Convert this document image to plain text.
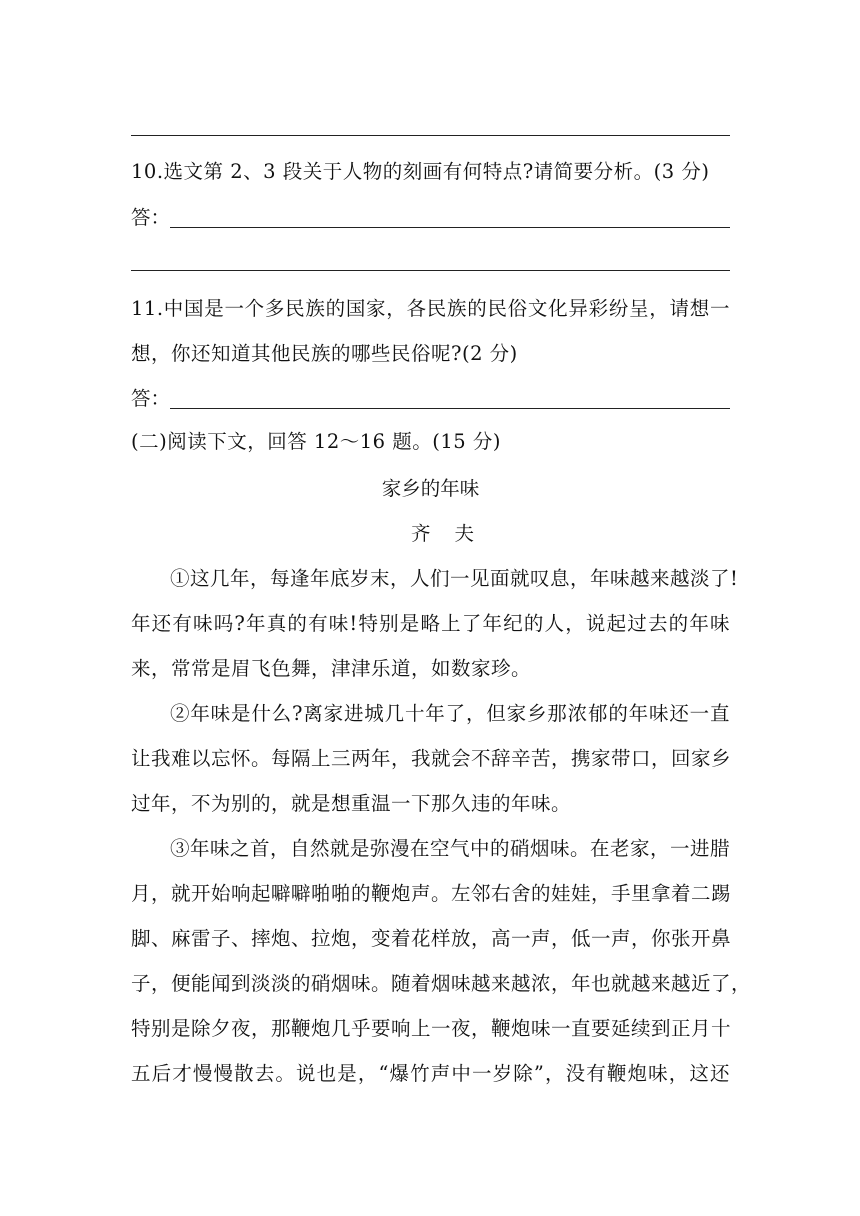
10.选文第 2、3 段关于人物的刻画有何特点?请简要分析。(3 分)
答：
11.中国是一个多民族的国家，各民族的民俗文化异彩纷呈，请想一
想，你还知道其他民族的哪些民俗呢?(2 分)
答：
(二)阅读下文，回答 12～16 题。(15 分)
家乡的年味
齐夫
①这几年，每逢年底岁末，人们一见面就叹息，年味越来越淡了!
年还有味吗?年真的有味!特别是略上了年纪的人，说起过去的年味
来，常常是眉飞色舞，津津乐道，如数家珍。
②年味是什么?离家进城几十年了，但家乡那浓郁的年味还一直
让我难以忘怀。每隔上三两年，我就会不辞辛苦，携家带口，回家乡
过年，不为别的，就是想重温一下那久违的年味。
③年味之首，自然就是弥漫在空气中的硝烟味。在老家，一进腊
月，就开始响起噼噼啪啪的鞭炮声。左邻右舍的娃娃，手里拿着二踢
脚、麻雷子、摔炮、拉炮，变着花样放，高一声，低一声，你张开鼻
子，便能闻到淡淡的硝烟味。随着烟味越来越浓，年也就越来越近了，
特别是除夕夜，那鞭炮几乎要响上一夜，鞭炮味一直要延续到正月十
五后才慢慢散去。说也是，“爆竹声中一岁除”，没有鞭炮味，这还
